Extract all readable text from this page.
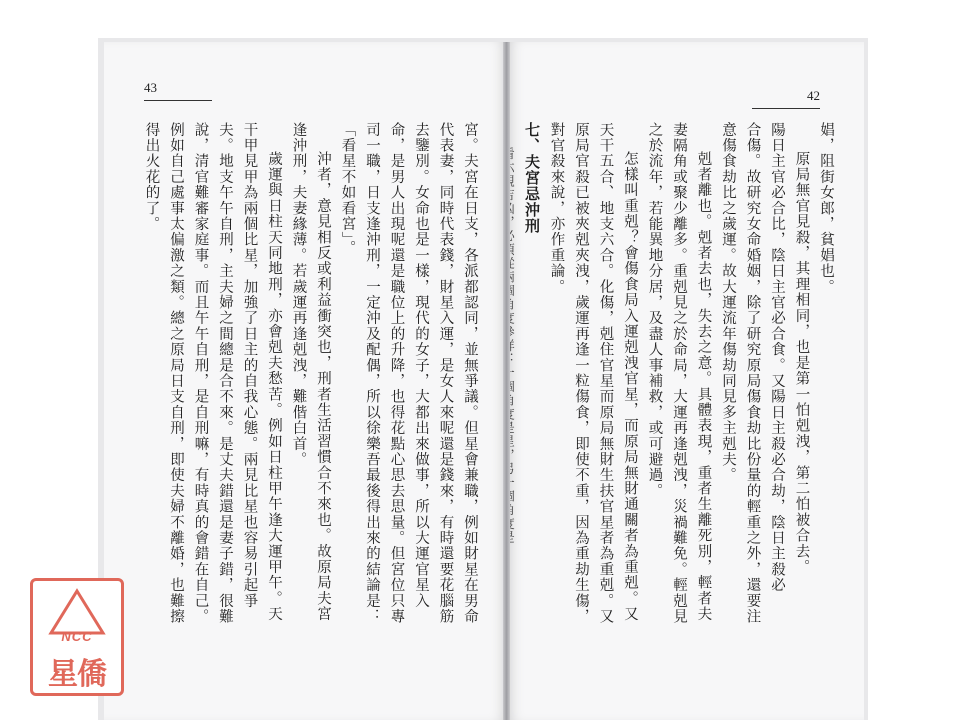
42
娼，阻街女郎，貧娼也。
原局無官見殺，其理相同，也是第一怕剋洩，第二怕被合去。
陽日主官必合比，陰日主官必合食。又陽日主殺必合劫，陰日主殺必
合傷。故研究女命婚姻，除了研究原局傷食劫比份量的輕重之外，還要注
意傷食劫比之歲運。故大運流年傷劫同見多主剋夫。
剋者離也。剋者去也，失去之意。具體表現，重者生離死別，輕者夫
妻隔角或聚少離多。重剋見之於命局，大運再逢剋洩，災禍難免。輕剋見
之於流年，若能異地分居，及盡人事補救，或可避過。
怎樣叫重剋？會傷食局入運剋洩官星，而原局無財通關者為重剋。又
天干五合、地支六合。化傷，剋住官星而原局無財生扶官星者為重剋。又
原局官殺已被夾剋夾洩，歲運再逢一粒傷食，即使不重，因為重劫生傷，
對官殺來說，亦作重論。
七、夫宮忌沖刑
43
宮。夫宮在日支，各派都認同，並無爭議。但星會兼職，例如財星在男命
代表妻，同時代表錢，財星入運，是女人來呢還是錢來，有時還要花腦筋
去鑒別。女命也是一樣，現代的女子，大都出來做事，所以大運官星入
命，是男人出現呢還是職位上的升降，也得花點心思去思量。但宮位只專
司一職，日支逢沖刑，一定沖及配偶，所以徐樂吾最後得出來的結論是：
「看星不如看宮」。
沖者，意見相反或利益衝突也，刑者生活習慣合不來也。故原局夫宮
逢沖刑，夫妻緣薄。若歲運再逢剋洩，難偕白首。
歲運與日柱天同地刑，亦會剋夫愁苦。例如日柱甲午逢大運甲午。天
干甲見甲為兩個比星，加強了日主的自我心態。兩見比星也容易引起爭
夫。地支午午自刑，主夫婦之間總是合不來。是丈夫錯還是妻子錯，很難
說，清官難審家庭事。而且午午自刑，是自刑嘛，有時真的會錯在自己。
例如自己處事太偏激之類。總之原局日支自刑，即使夫婦不離婚，也難擦
得出火花的了。
NCC
星僑
